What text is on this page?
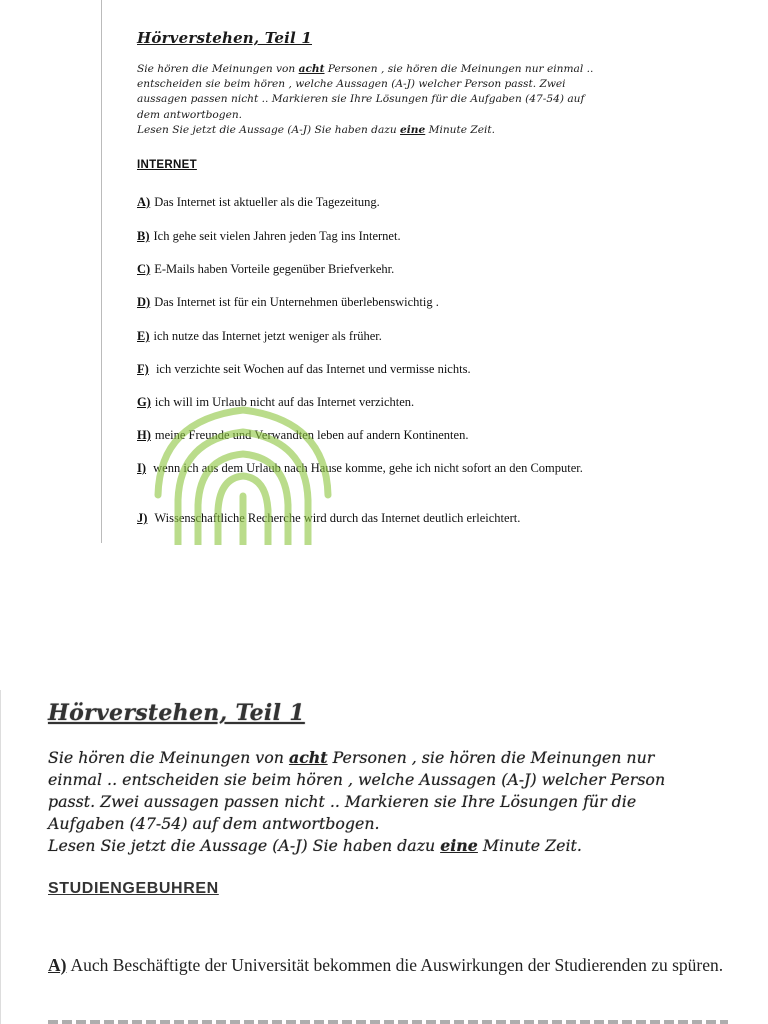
Hörverstehen, Teil 1
Sie hören die Meinungen von acht Personen , sie hören die Meinungen nur einmal .. entscheiden sie beim hören , welche Aussagen (A-J) welcher Person passt. Zwei aussagen passen nicht .. Markieren sie Ihre Lösungen für die Aufgaben (47-54) auf dem antwortbogen.
Lesen Sie jetzt die Aussage (A-J) Sie haben dazu eine Minute Zeit.
INTERNET
A) Das Internet ist aktueller als die Tagezeitung.
B) Ich gehe seit vielen Jahren jeden Tag ins Internet.
C) E-Mails haben Vorteile gegenüber Briefverkehr.
D) Das Internet ist für ein Unternehmen überlebenswichtig .
E) ich nutze das Internet jetzt weniger als früher.
F) ich verzichte seit Wochen auf das Internet und vermisse nichts.
G) ich will im Urlaub nicht auf das Internet verzichten.
H) meine Freunde und Verwandten leben auf andern Kontinenten.
I) wenn ich aus dem Urlaub nach Hause komme, gehe ich nicht sofort an den Computer.
J) Wissenschaftliche Recherche wird durch das Internet deutlich erleichtert.
Hörverstehen, Teil 1
Sie hören die Meinungen von acht Personen , sie hören die Meinungen nur einmal .. entscheiden sie beim hören , welche Aussagen (A-J) welcher Person passt. Zwei aussagen passen nicht .. Markieren sie Ihre Lösungen für die Aufgaben (47-54) auf dem antwortbogen.
Lesen Sie jetzt die Aussage (A-J) Sie haben dazu eine Minute Zeit.
STUDIENGEBUHREN
A) Auch Beschäftigte der Universität bekommen die Auswirkungen der Studierenden zu spüren.
